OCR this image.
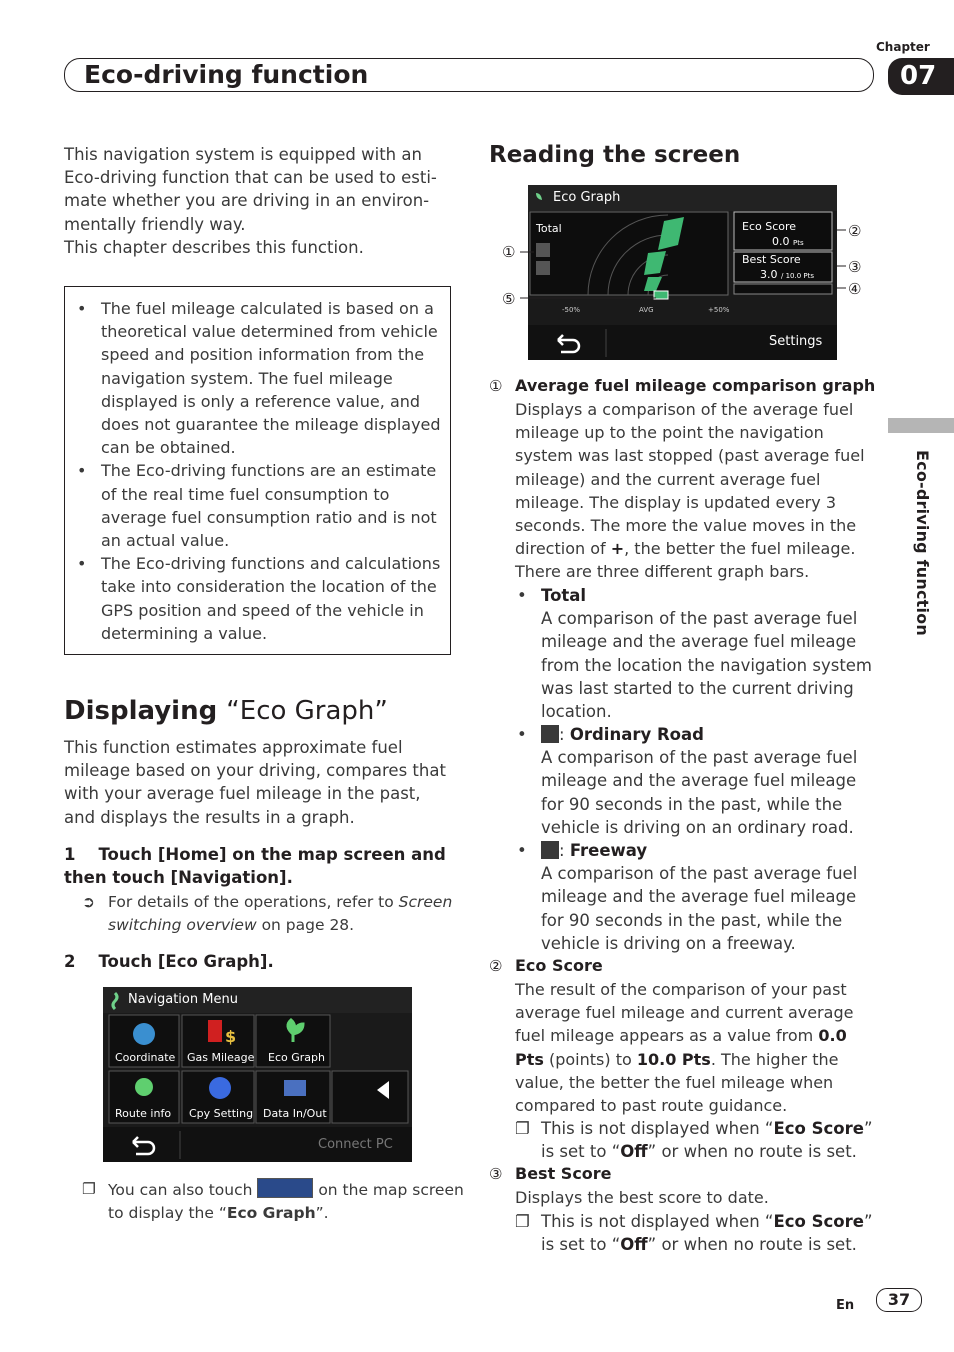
Eco-driving function
Chapter
07
Eco-driving function

This navigation system is equipped with an

Eco-driving function that can be used to esti-

mate whether you are driving in an environ-

mentally friendly way.

This chapter describes this function.

• The fuel mileage calculated is based on a theoretical value determined from vehicle speed and position information from the navigation system. The fuel mileage displayed is only a reference value, and does not guarantee the mileage displayed can be obtained.
• The Eco-driving functions are an estimate of the real time fuel consumption to average fuel consumption ratio and is not an actual value.
• The Eco-driving functions and calculations take into consideration the location of the GPS position and speed of the vehicle in determining a value.
Displaying “Eco Graph”
This function estimates approximate fuel mileage based on your driving, compares that with your average fuel mileage in the past, and displays the results in a graph.
1 Touch [Home] on the map screen and then touch [Navigation].
➲ For details of the operations, refer to Screen switching overview on page 28.
2 Touch [Eco Graph].
$
Navigation Menu
Coordinate Gas Mileage Eco Graph
Route info Cpy Setting Data In/Out
Connect PC
❐ You can also touch	on the map screen to display the “Eco Graph”.
Reading the screen
Eco Graph
Total	Eco Score
0.0 Pts
Best Score
3.0 / 10.0 Pts
-50%	AVG	+50%
Settings
①
②
③
④
⑤
① Average fuel mileage comparison graph
Displays a comparison of the average fuel mileage up to the point the navigation system was last stopped (past average fuel mileage) and the current average fuel mileage. The display is updated every 3 seconds. The more the value moves in the direction of +, the better the fuel mileage.
There are three different graph bars.
• Total
A comparison of the past average fuel mileage and the average fuel mileage from the location the navigation system was last started to the current driving location.
• : Ordinary Road
A comparison of the past average fuel mileage and the average fuel mileage for 90 seconds in the past, while the vehicle is driving on an ordinary road.
• : Freeway
A comparison of the past average fuel mileage and the average fuel mileage for 90 seconds in the past, while the vehicle is driving on a freeway.
② Eco Score
The result of the comparison of your past average fuel mileage and current average fuel mileage appears as a value from 0.0 Pts (points) to 10.0 Pts. The higher the value, the better the fuel mileage when compared to past route guidance.
❐ This is not displayed when “Eco Score” is set to “Off” or when no route is set.
③ Best Score
Displays the best score to date.
❐ This is not displayed when “Eco Score” is set to “Off” or when no route is set.
En	37
